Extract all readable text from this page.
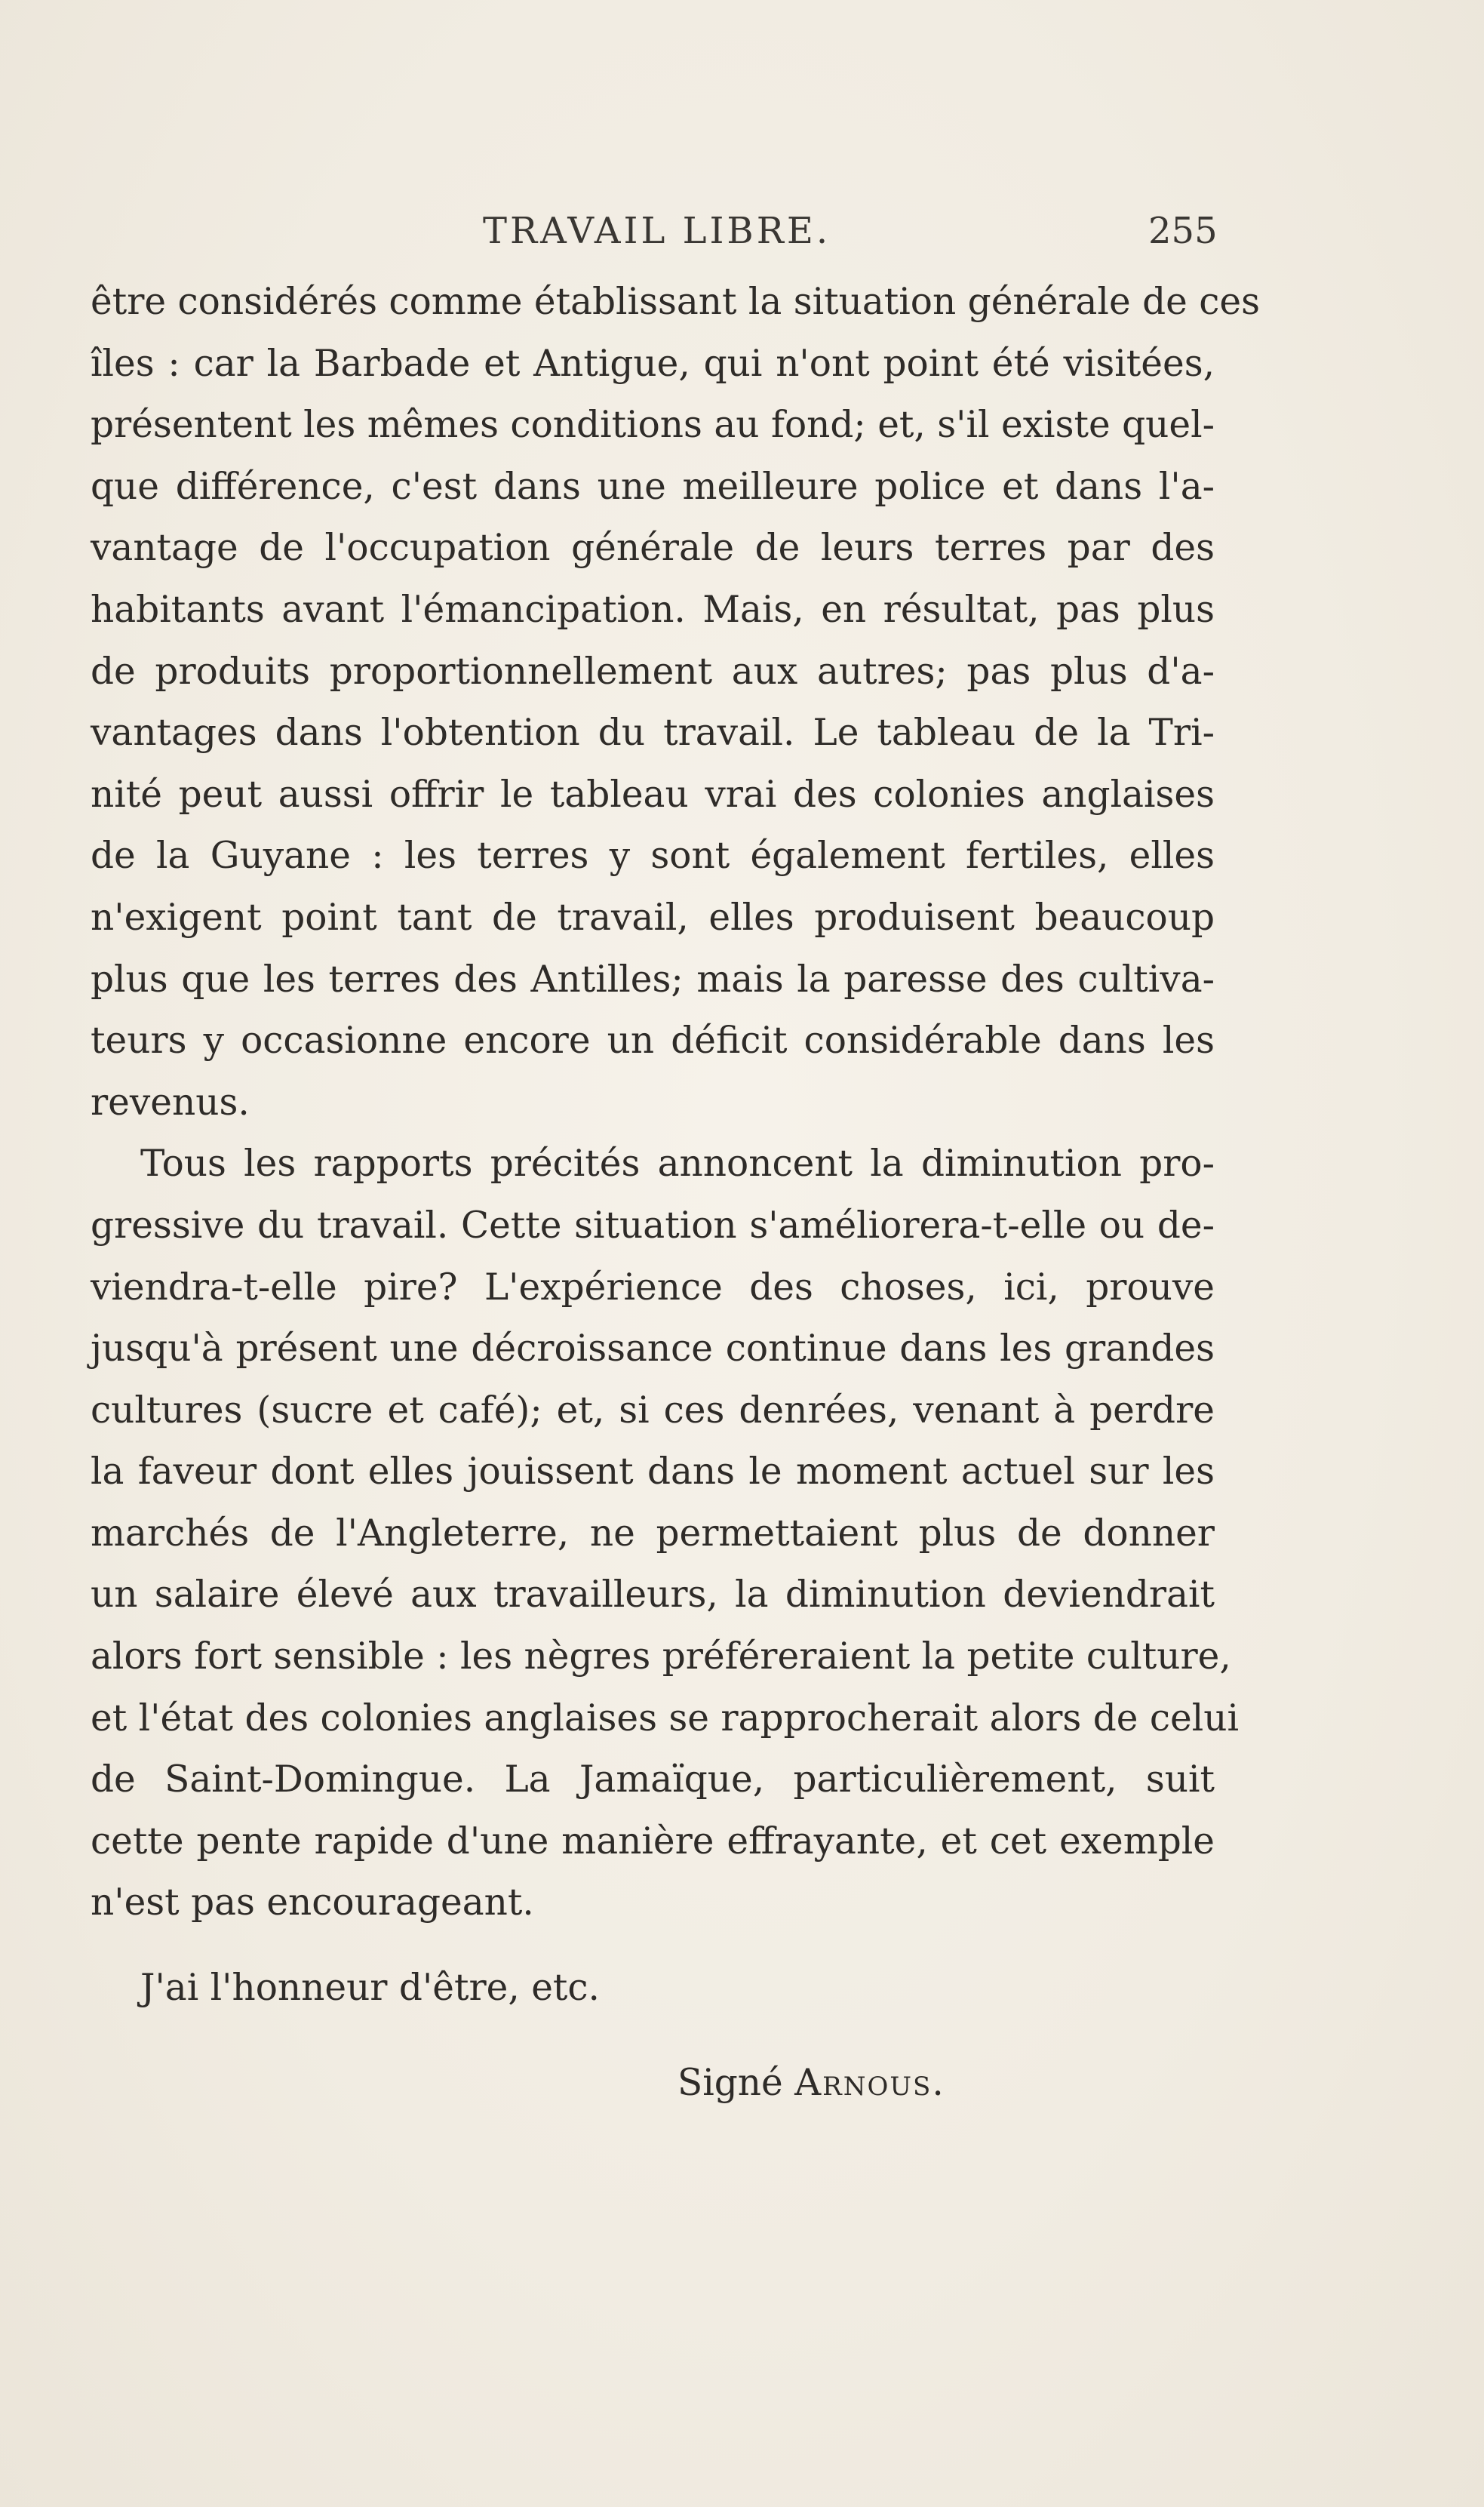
TRAVAIL LIBRE.	255
être considérés comme établissant la situation générale de ces
îles : car la Barbade et Antigue, qui n'ont point été visitées,
présentent les mêmes conditions au fond; et, s'il existe quel-
que différence, c'est dans une meilleure police et dans l'a-
vantage de l'occupation générale de leurs terres par des
habitants avant l'émancipation. Mais, en résultat, pas plus
de produits proportionnellement aux autres; pas plus d'a-
vantages dans l'obtention du travail. Le tableau de la Tri-
nité peut aussi offrir le tableau vrai des colonies anglaises
de la Guyane : les terres y sont également fertiles, elles
n'exigent point tant de travail, elles produisent beaucoup
plus que les terres des Antilles; mais la paresse des cultiva-
teurs y occasionne encore un déficit considérable dans les
revenus.
Tous les rapports précités annoncent la diminution pro-
gressive du travail. Cette situation s'améliorera-t-elle ou de-
viendra-t-elle pire? L'expérience des choses, ici, prouve
jusqu'à présent une décroissance continue dans les grandes
cultures (sucre et café); et, si ces denrées, venant à perdre
la faveur dont elles jouissent dans le moment actuel sur les
marchés de l'Angleterre, ne permettaient plus de donner
un salaire élevé aux travailleurs, la diminution deviendrait
alors fort sensible : les nègres préféreraient la petite culture,
et l'état des colonies anglaises se rapprocherait alors de celui
de Saint-Domingue. La Jamaïque, particulièrement, suit
cette pente rapide d'une manière effrayante, et cet exemple
n'est pas encourageant.
J'ai l'honneur d'être, etc.
Signé Arnous.
